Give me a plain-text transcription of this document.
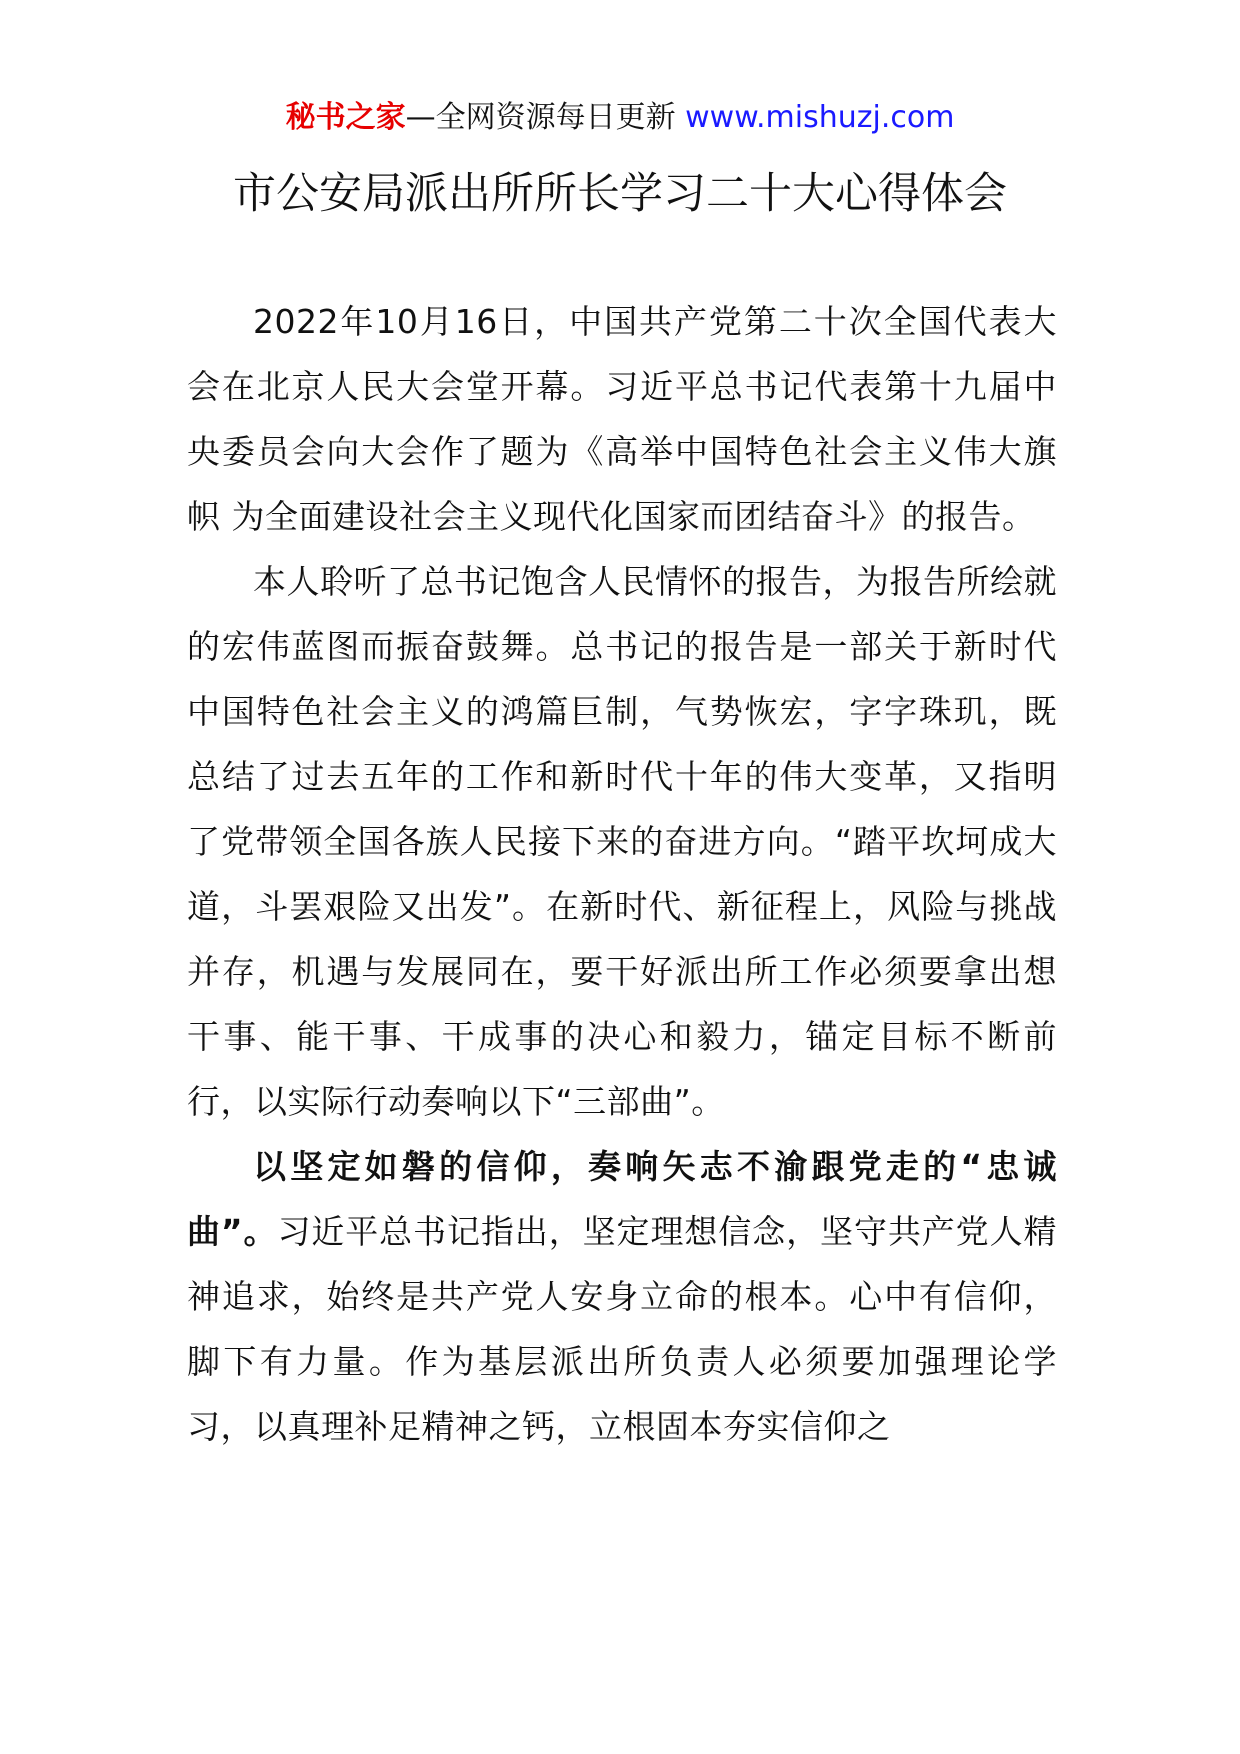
秘书之家—全网资源每日更新 www.mishuzj.com
市公安局派出所所长学习二十大心得体会

2022年10月16日，中国共产党第二十次全国代表大会在北京人民大会堂开幕。习近平总书记代表第十九届中央委员会向大会作了题为《高举中国特色社会主义伟大旗帜 为全面建设社会主义现代化国家而团结奋斗》的报告。

本人聆听了总书记饱含人民情怀的报告，为报告所绘就的宏伟蓝图而振奋鼓舞。总书记的报告是一部关于新时代中国特色社会主义的鸿篇巨制，气势恢宏，字字珠玑，既总结了过去五年的工作和新时代十年的伟大变革，又指明了党带领全国各族人民接下来的奋进方向。“踏平坎坷成大道，斗罢艰险又出发”。在新时代、新征程上，风险与挑战并存，机遇与发展同在，要干好派出所工作必须要拿出想干事、能干事、干成事的决心和毅力，锚定目标不断前行，以实际行动奏响以下“三部曲”。

以坚定如磐的信仰，奏响矢志不渝跟党走的“忠诚曲”。习近平总书记指出，坚定理想信念，坚守共产党人精神追求，始终是共产党人安身立命的根本。心中有信仰，脚下有力量。作为基层派出所负责人必须要加强理论学习，以真理补足精神之钙，立根固本夯实信仰之
